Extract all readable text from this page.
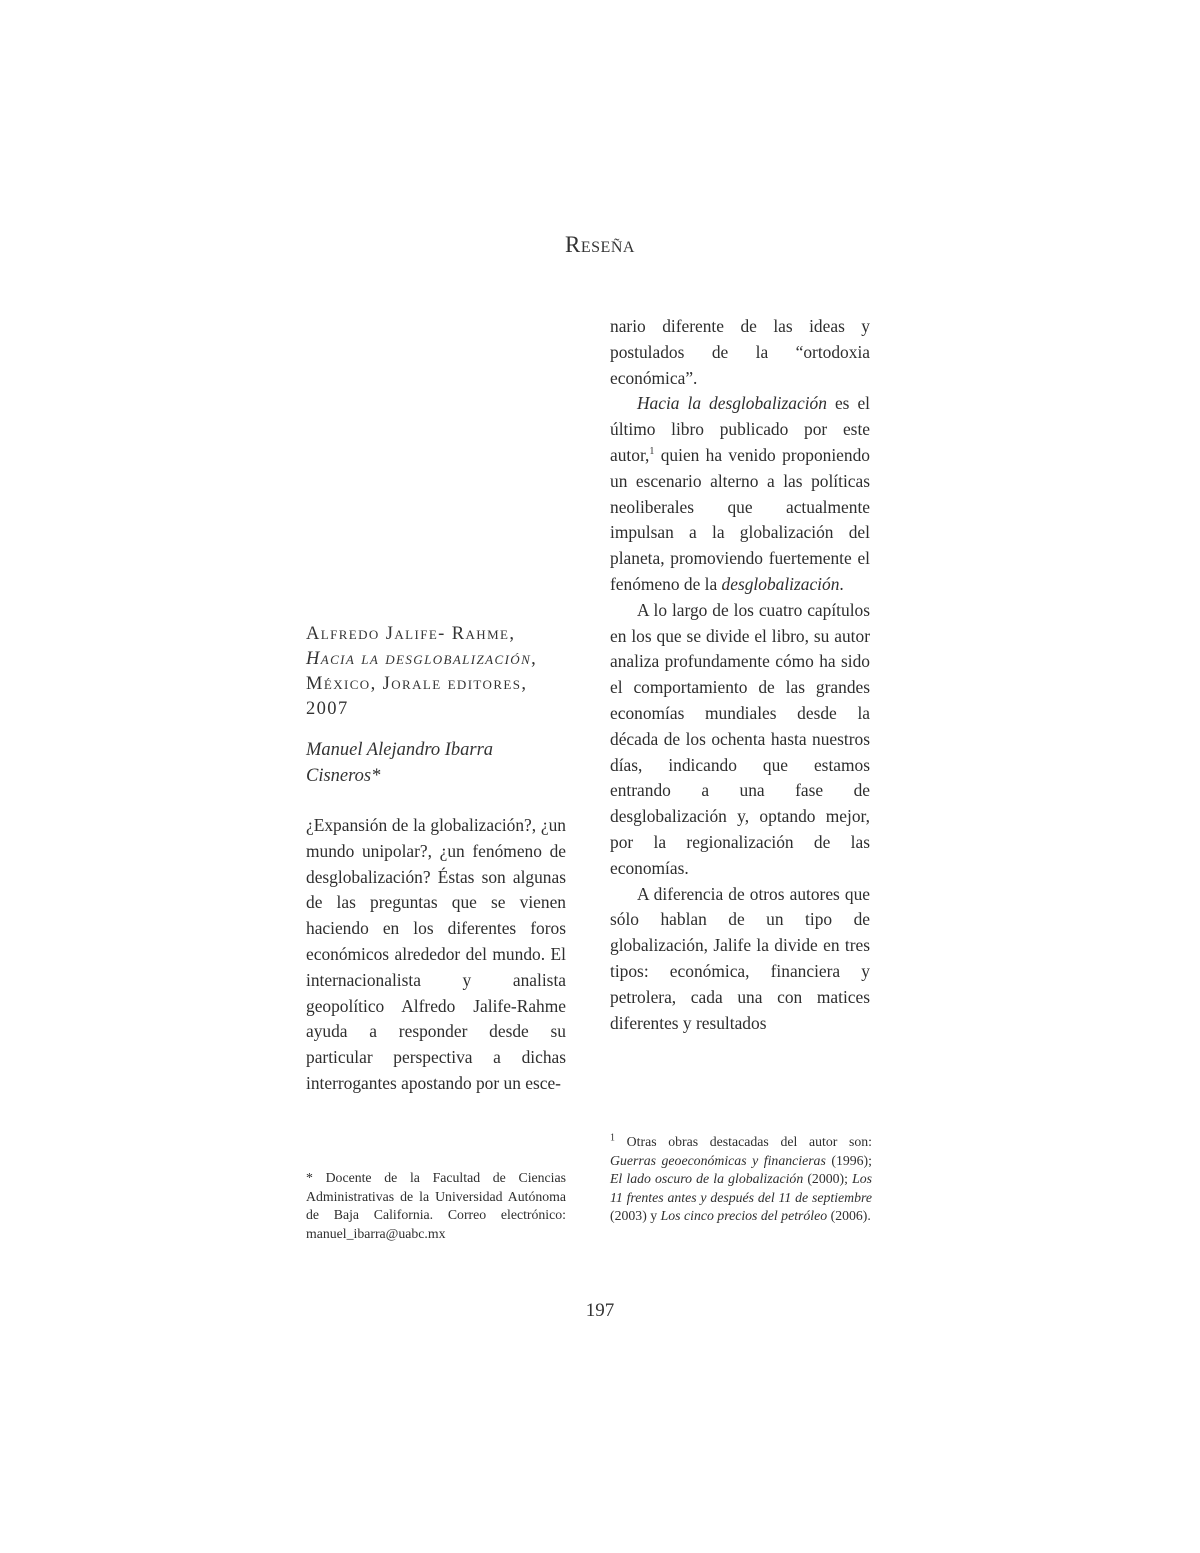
Reseña

Alfredo Jalife- Rahme, Hacia la desglobalización, México, Jorale editores, 2007

Manuel Alejandro Ibarra Cisneros*

¿Expansión de la globalización?, ¿un mundo unipolar?, ¿un fenómeno de desglobalización? Éstas son algunas de las preguntas que se vienen haciendo en los diferentes foros económicos alrededor del mundo. El internacionalista y analista geopolítico Alfredo Jalife-Rahme ayuda a responder desde su particular perspectiva a dichas interrogantes apostando por un esce-

nario diferente de las ideas y postulados de la “ortodoxia económica”.

Hacia la desglobalización es el último libro publicado por este autor,$^1$ quien ha venido proponiendo un escenario alterno a las políticas neoliberales que actualmente impulsan a la globalización del planeta, promoviendo fuertemente el fenómeno de la desglobalización.

A lo largo de los cuatro capítulos en los que se divide el libro, su autor analiza profundamente cómo ha sido el comportamiento de las grandes economías mundiales desde la década de los ochenta hasta nuestros días, indicando que estamos entrando a una fase de desglobalización y, optando mejor, por la regionalización de las economías.

A diferencia de otros autores que sólo hablan de un tipo de globalización, Jalife la divide en tres tipos: económica, financiera y petrolera, cada una con matices diferentes y resultados

* Docente de la Facultad de Ciencias Administrativas de la Universidad Autónoma de Baja California. Correo electrónico: manuel_ibarra@uabc.mx

$^1$ Otras obras destacadas del autor son: Guerras geoeconómicas y financieras (1996); El lado oscuro de la globalización (2000); Los 11 frentes antes y después del 11 de septiembre (2003) y Los cinco precios del petróleo (2006).

197
